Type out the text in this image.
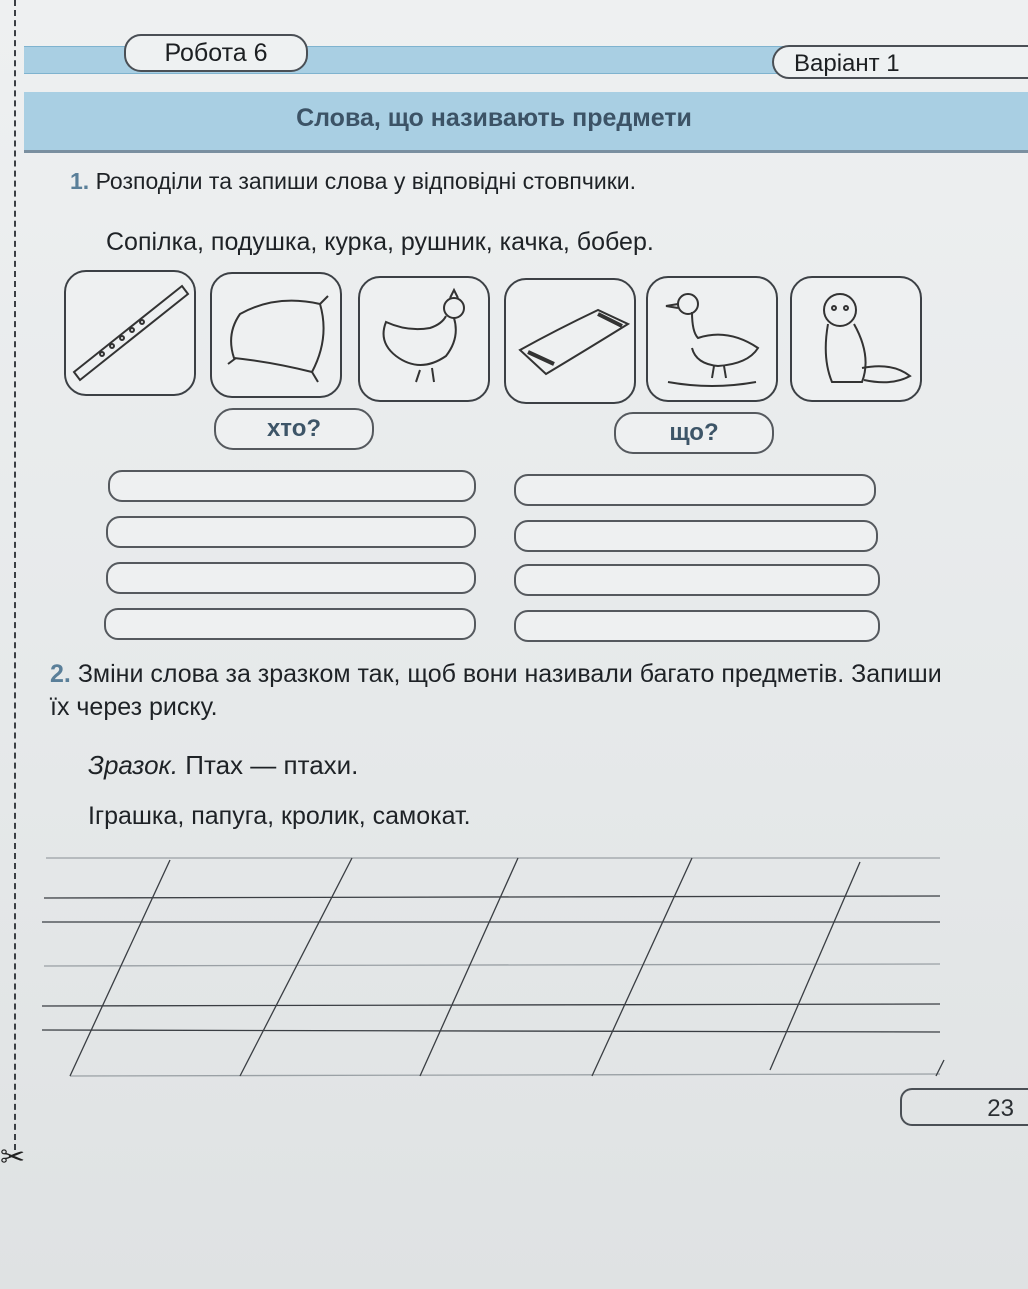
✂
Робота 6	Варіант 1
Слова, що називають предмети
1. Розподіли та запиши слова у відповідні стовпчики.
Сопілка, подушка, курка, рушник, качка, бобер.
хто?	що?
2. Зміни слова за зразком так, щоб вони називали багато предметів. Запиши їх через риску.
Зразок. Птах — птахи.
Іграшка, папуга, кролик, самокат.
23
